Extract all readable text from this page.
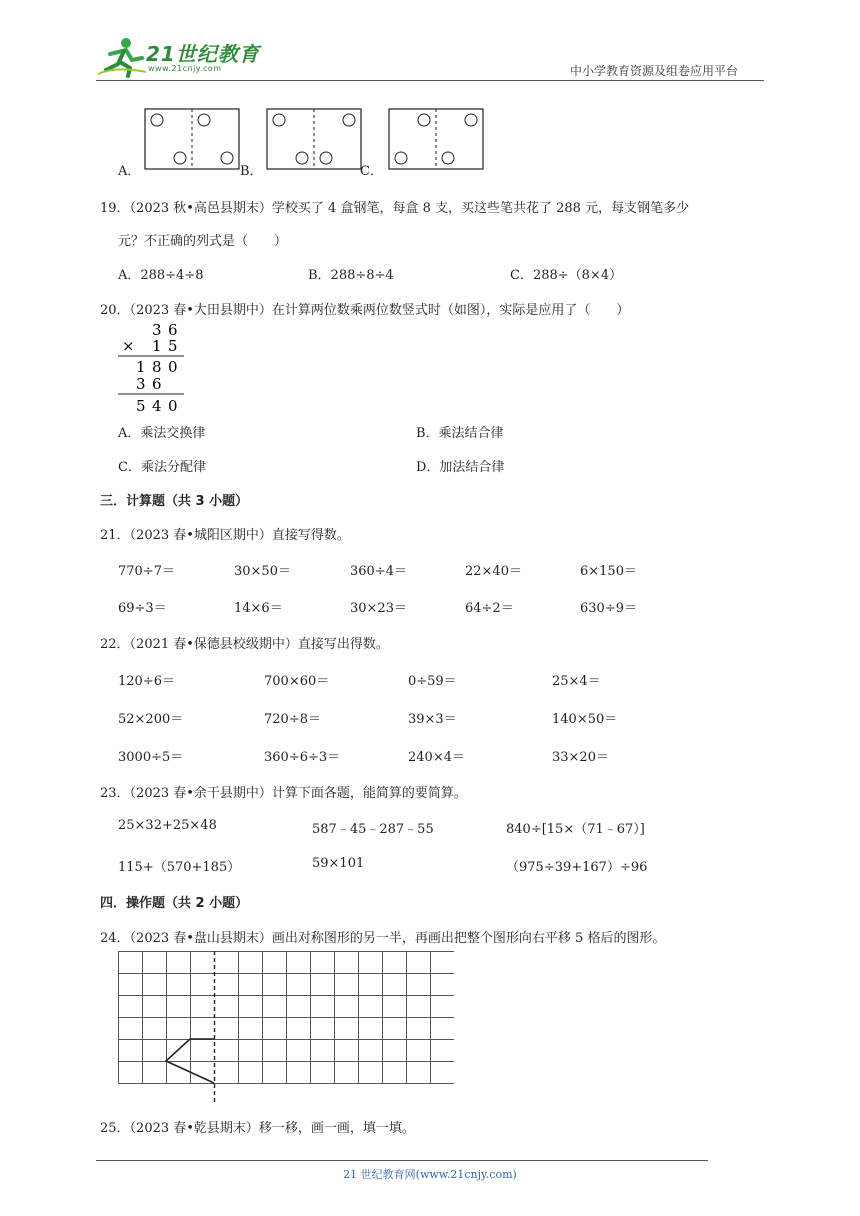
21世纪教育
www.21cnjy.com	中小学教育资源及组卷应用平台
A．	B．	C．
19．（2023 秋•高邑县期末）学校买了 4 盒钢笔，每盒 8 支，买这些笔共花了 288 元，每支钢笔多少
元？不正确的列式是（　　）
A．288÷4÷8	B．288÷8÷4	C．288÷（8×4）
20．（2023 春•大田县期中）在计算两位数乘两位数竖式时（如图），实际是应用了（　　）
3 6
× 1 5
1 8 0
3 6
5 4 0
A．乘法交换律	B．乘法结合律
C．乘法分配律	D．加法结合律
三．计算题（共 3 小题）
21．（2023 春•城阳区期中）直接写得数。
770÷7＝	30×50＝	360÷4＝	22×40＝	6×150＝
69÷3＝	14×6＝	30×23＝	64÷2＝	630÷9＝
22．（2021 春•保德县校级期中）直接写出得数。
120÷6＝	700×60＝	0÷59＝	25×4＝
52×200＝	720÷8＝	39×3＝	140×50＝
3000÷5＝	360÷6÷3＝	240×4＝	33×20＝
23．（2023 春•余干县期中）计算下面各题，能简算的要简算。
25×32+25×48	587﹣45﹣287﹣55	840÷[15×（71﹣67）]
115+（570+185）	59×101	（975÷39+167）÷96
四．操作题（共 2 小题）
24．（2023 春•盘山县期末）画出对称图形的另一半，再画出把整个图形向右平移 5 格后的图形。
25．（2023 春•乾县期末）移一移，画一画，填一填。
21 世纪教育网(www.21cnjy.com)
